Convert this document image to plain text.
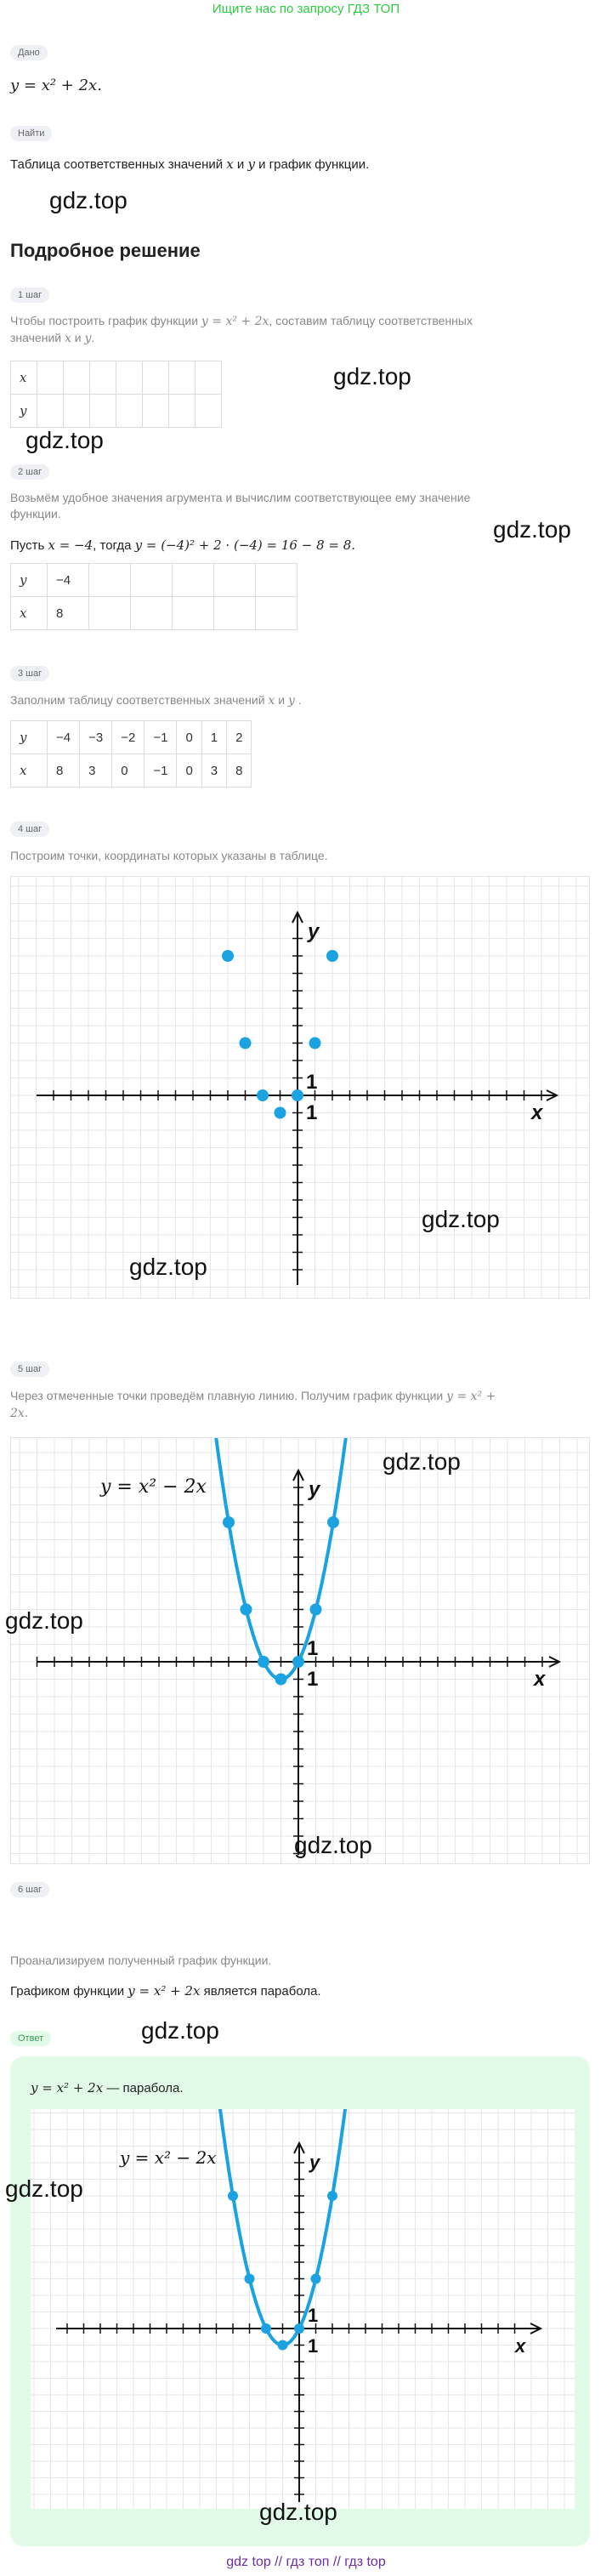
Ищите нас по запросу ГДЗ ТОП
Дано
y = x² + 2x.
Найти
Таблица соответственных значений x и y и график функции.
gdz.top
Подробное решение
1 шаг
Чтобы построить график функции y = x² + 2x, составим таблицу соответственных
значений x и y.
x							
y							
gdz.top
gdz.top
2 шаг
Возьмём удобное значения агрумента и вычислим соответствующее ему значение
функции.
gdz.top
Пусть x = −4, тогда y = (−4)² + 2 · (−4) = 16 − 8 = 8.
y	−4					
x	8					
3 шаг
Заполним таблицу соответственных значений x и y .
y	−4	−3	−2	−1	0	1	2
x	8	3	0	−1	0	3	8
4 шаг
Построим точки, координаты которых указаны в таблице.
y
x
1
1
gdz.top
gdz.top
5 шаг
Через отмеченные точки проведём плавную линию. Получим график функции y = x² +
2x.
y
x
1
1
y = x² − 2x
gdz.top
gdz.top
gdz.top
6 шаг
Проанализируем полученный график функции.
Графиком функции y = x² + 2x является парабола.
Ответ	gdz.top
y = x² + 2x — парабола.
y
x
1
1
y = x² − 2x
gdz.top
gdz.top
gdz top // гдз топ // гдз top
